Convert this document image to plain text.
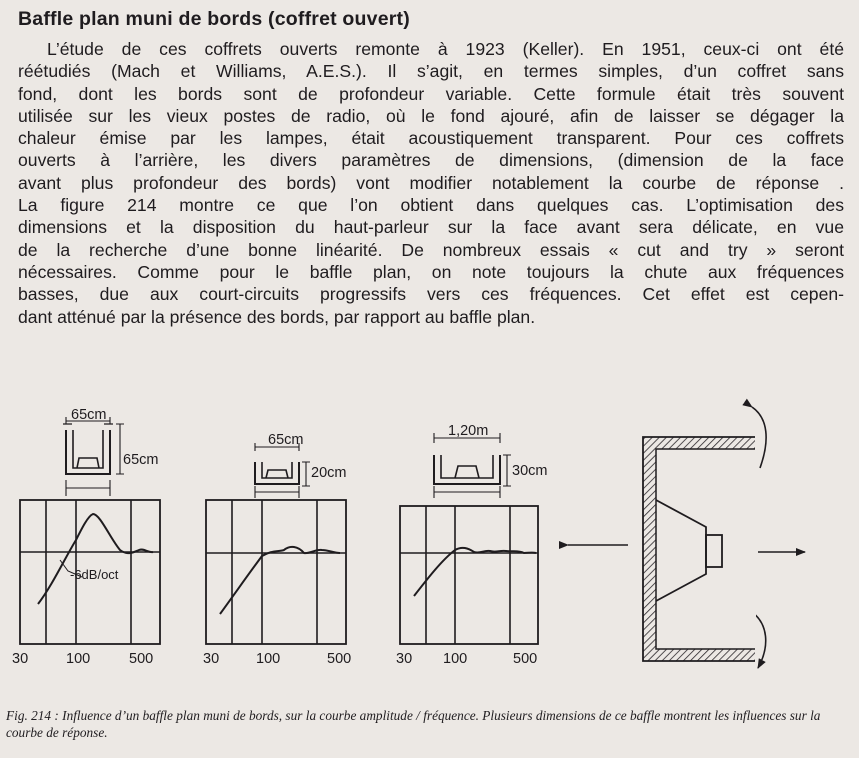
Baffle plan muni de bords (coffret ouvert)
L’étude de ces coffrets ouverts remonte à 1923 (Keller). En 1951, ceux-ci ont été
réétudiés (Mach et Williams, A.E.S.). Il s’agit, en termes simples, d’un coffret sans
fond, dont les bords sont de profondeur variable. Cette formule était très souvent
utilisée sur les vieux postes de radio, où le fond ajouré, afin de laisser se dégager la
chaleur émise par les lampes, était acoustiquement transparent. Pour ces coffrets
ouverts à l’arrière, les divers paramètres de dimensions, (dimension de la face
avant plus profondeur des bords) vont modifier notablement la courbe de réponse .
La figure 214 montre ce que l’on obtient dans quelques cas. L’optimisation des
dimensions et la disposition du haut-parleur sur la face avant sera délicate, en vue
de la recherche d’une bonne linéarité. De nombreux essais « cut and try » seront
nécessaires. Comme pour le baffle plan, on note toujours la chute aux fréquences
basses, due aux court-circuits progressifs vers ces fréquences. Cet effet est cepen-
dant atténué par la présence des bords, par rapport au baffle plan.
65cm
65cm
65cm
20cm
1,20m
30cm
-6dB/oct
30	100	500	30	100	500	30 100	500
Fig. 214 : Influence d’un baffle plan muni de bords, sur la courbe amplitude / fréquence. Plusieurs dimensions de ce baffle montrent les influences sur la courbe de réponse.
